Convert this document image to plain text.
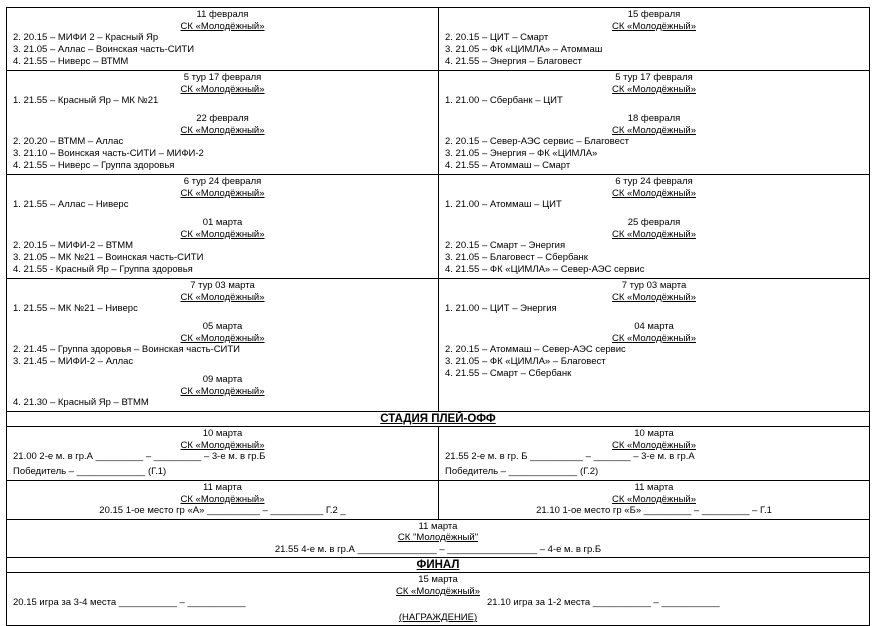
11 февраля
СК «Молодёжный»
2. 20.15 – МИФИ 2 – Красный Яр
3. 21.05 – Аллас – Воинская часть-СИТИ
4. 21.55 – Нивeрс – ВТММ
15 февраля
СК «Молодёжный»
2. 20.15 – ЦИТ – Смарт
3. 21.05 – ФК «ЦИМЛА» – Атоммаш
4. 21.55 – Энергия – Благовест
5 тур 17 февраля
СК «Молодёжный»
1. 21.55 – Красный Яр – МК №21
22 февраля
СК «Молодёжный»
2. 20.20 – ВТММ – Аллас
3. 21.10 – Воинская часть-СИТИ – МИФИ-2
4. 21.55 – Нивeрс – Группа здоровья
5 тур 17 февраля
СК «Молодёжный»
1. 21.00 – Сбербанк – ЦИТ
18 февраля
СК «Молодёжный»
2. 20.15 – Север-АЭС сервис – Благовест
3. 21.05 – Энергия – ФК «ЦИМЛА»
4. 21.55 – Атоммаш – Смарт
6 тур 24 февраля
СК «Молодёжный»
1. 21.55 – Аллас – Нивeрс
01 марта
СК «Молодёжный»
2. 20.15 – МИФИ-2 – ВТММ
3. 21.05 – МК №21 – Воинская часть-СИТИ
4. 21.55 - Красный Яр – Группа здоровья
6 тур 24 февраля
СК «Молодёжный»
1. 21.00 – Атоммаш – ЦИТ
25 февраля
СК «Молодёжный»
2. 20.15 – Смарт – Энергия
3. 21.05 – Благовест – Сбербанк
4. 21.55 – ФК «ЦИМЛА» – Север-АЭС сервис
7 тур 03 марта
СК «Молодёжный»
1. 21.55 – МК №21 – Нивeрс
05 марта
СК «Молодёжный»
2. 21.45 – Группа здоровья – Воинская часть-СИТИ
3. 21.45 – МИФИ-2 – Аллас
09 марта
СК «Молодёжный»
4. 21.30 – Красный Яр – ВТММ
7 тур 03 марта
СК «Молодёжный»
1. 21.00 – ЦИТ – Энергия
04 марта
СК «Молодёжный»
2. 20.15 – Атоммаш – Север-АЭС сервис
3. 21.05 – ФК «ЦИМЛА» – Благовест
4. 21.55 – Смарт – Сбербанк
СТАДИЯ ПЛЕЙ-ОФФ
10 марта
СК «Молодёжный»
21.00 2-е м. в гр.А _________ – _________ – 3-е м. в гр.Б
Победитель – _____________ (Г.1)
10 марта
СК «Молодёжный»
21.55 2-е м. в гр. Б __________ – _______ – 3-е м. в гр.А
Победитель – _____________ (Г.2)
11 марта
СК «Молодёжный»
20.15 1-ое место гр «А» __________ – __________ Г.2 _
11 марта
СК «Молодёжный»
21.10 1-ое место гр «Б» _________ – _________ – Г.1
11 марта
СК "Молодёжный"
21.55 4-е м. в гр.А _______________ – _________________ – 4-е м. в гр.Б
ФИНАЛ
15 марта
СК «Молодёжный»
20.15 игра за 3-4 места ___________ – ___________	21.10 игра за 1-2 места ___________ – ___________
(НАГРАЖДЕНИЕ)
